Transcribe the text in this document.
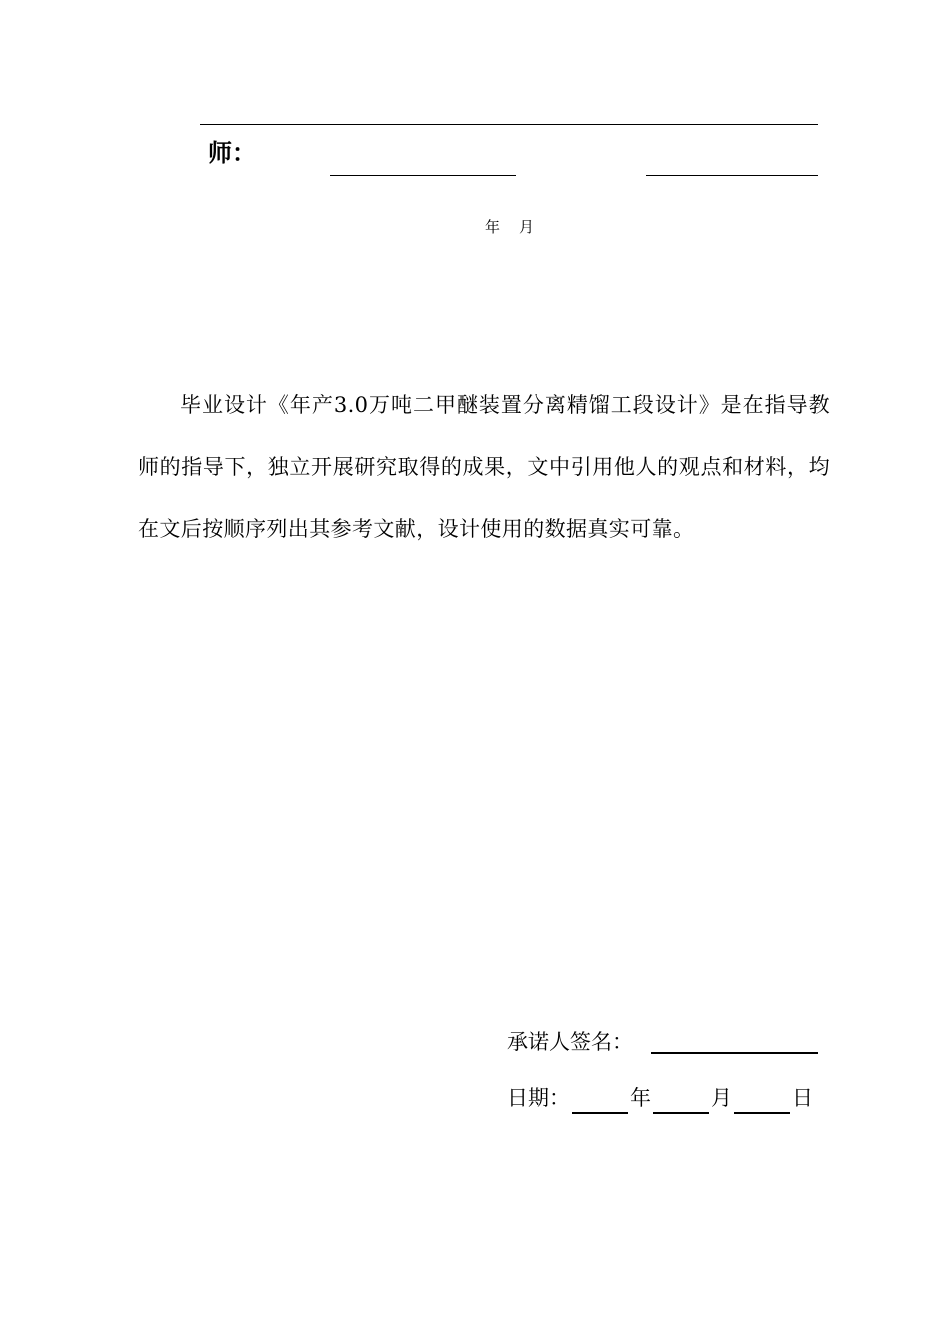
师：
年 月

毕业设计《年产3.0万吨二甲醚装置分离精馏工段设计》是在指导教师的指导下，独立开展研究取得的成果，文中引用他人的观点和材料，均在文后按顺序列出其参考文献，设计使用的数据真实可靠。

承诺人签名：
日期：	年	月	日
